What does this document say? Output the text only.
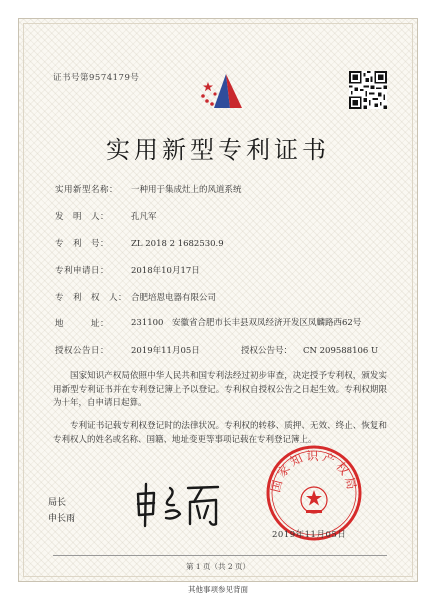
证书号第9574179号
实用新型专利证书
实用新型名称： 一种用于集成灶上的风道系统
发　明　人：	孔凡军
专　利　号：	ZL 2018 2 1682530.9
专利申请日：	2018年10月17日
专　利　权　人： 合肥培恩电器有限公司
地　　　址：	231100　安徽省合肥市长丰县双凤经济开发区凤麟路西62号
授权公告日：	2019年11月05日	授权公告号： CN 209588106 U
国家知识产权局依照中华人民共和国专利法经过初步审查，决定授予专利权，颁发实用新型专利证书并在专利登记簿上予以登记。专利权自授权公告之日起生效。专利权期限为十年，自申请日起算。
专利证书记载专利权登记时的法律状况。专利权的转移、质押、无效、终止、恢复和专利权人的姓名或名称、国籍、地址变更等事项记载在专利登记簿上。
局长
申长雨
国家知识产权局
2019年11月05日
第 1 页（共 2 页）
其他事项参见背面
